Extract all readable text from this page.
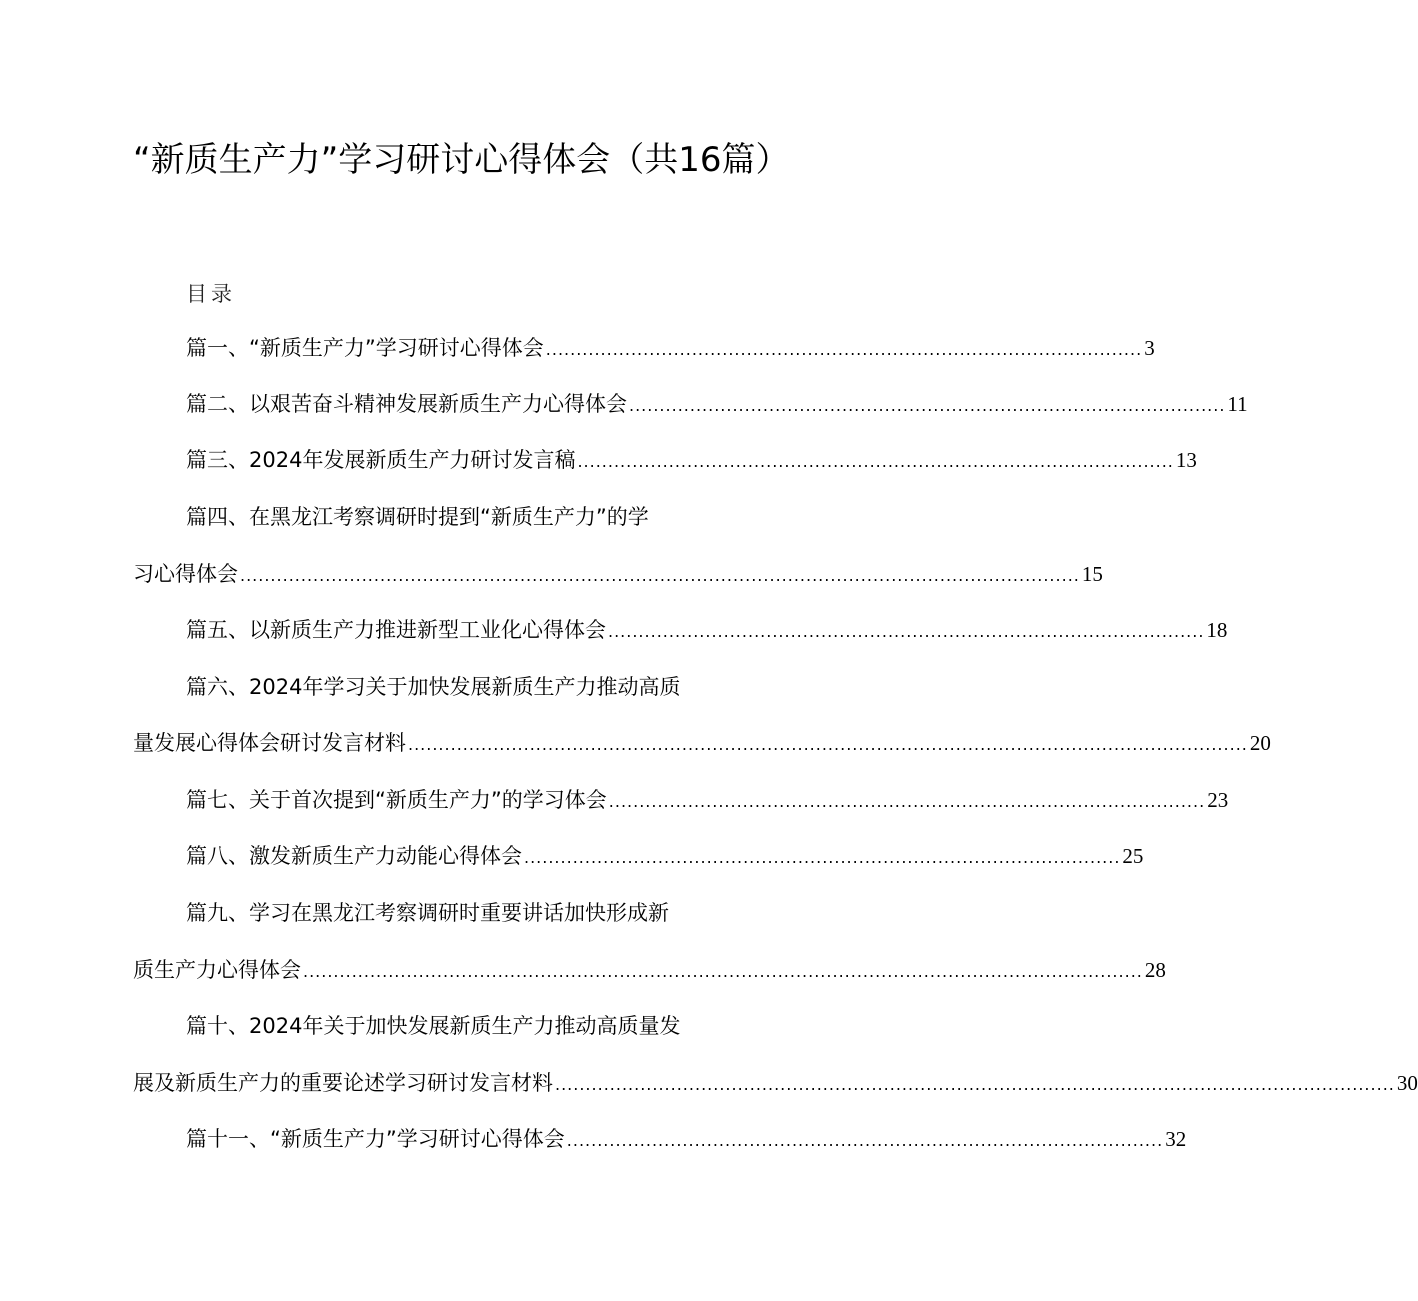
“新质生产力”学习研讨心得体会（共16篇）
目录
篇一、“新质生产力”学习研讨心得体会 .................................................................................................. 3
篇二、以艰苦奋斗精神发展新质生产力心得体会 .................................................................................................. 11
篇三、2024年发展新质生产力研讨发言稿 .................................................................................................. 13
篇四、在黑龙江考察调研时提到“新质生产力”的学
习心得体会 .......................................................................................................................................... 15
篇五、以新质生产力推进新型工业化心得体会 .................................................................................................. 18
篇六、2024年学习关于加快发展新质生产力推动高质
量发展心得体会研讨发言材料 .......................................................................................................................................... 20
篇七、关于首次提到“新质生产力”的学习体会 .................................................................................................. 23
篇八、激发新质生产力动能心得体会 .................................................................................................. 25
篇九、学习在黑龙江考察调研时重要讲话加快形成新
质生产力心得体会 .......................................................................................................................................... 28
篇十、2024年关于加快发展新质生产力推动高质量发
展及新质生产力的重要论述学习研讨发言材料 .......................................................................................................................................... 30
篇十一、“新质生产力”学习研讨心得体会 .................................................................................................. 32
